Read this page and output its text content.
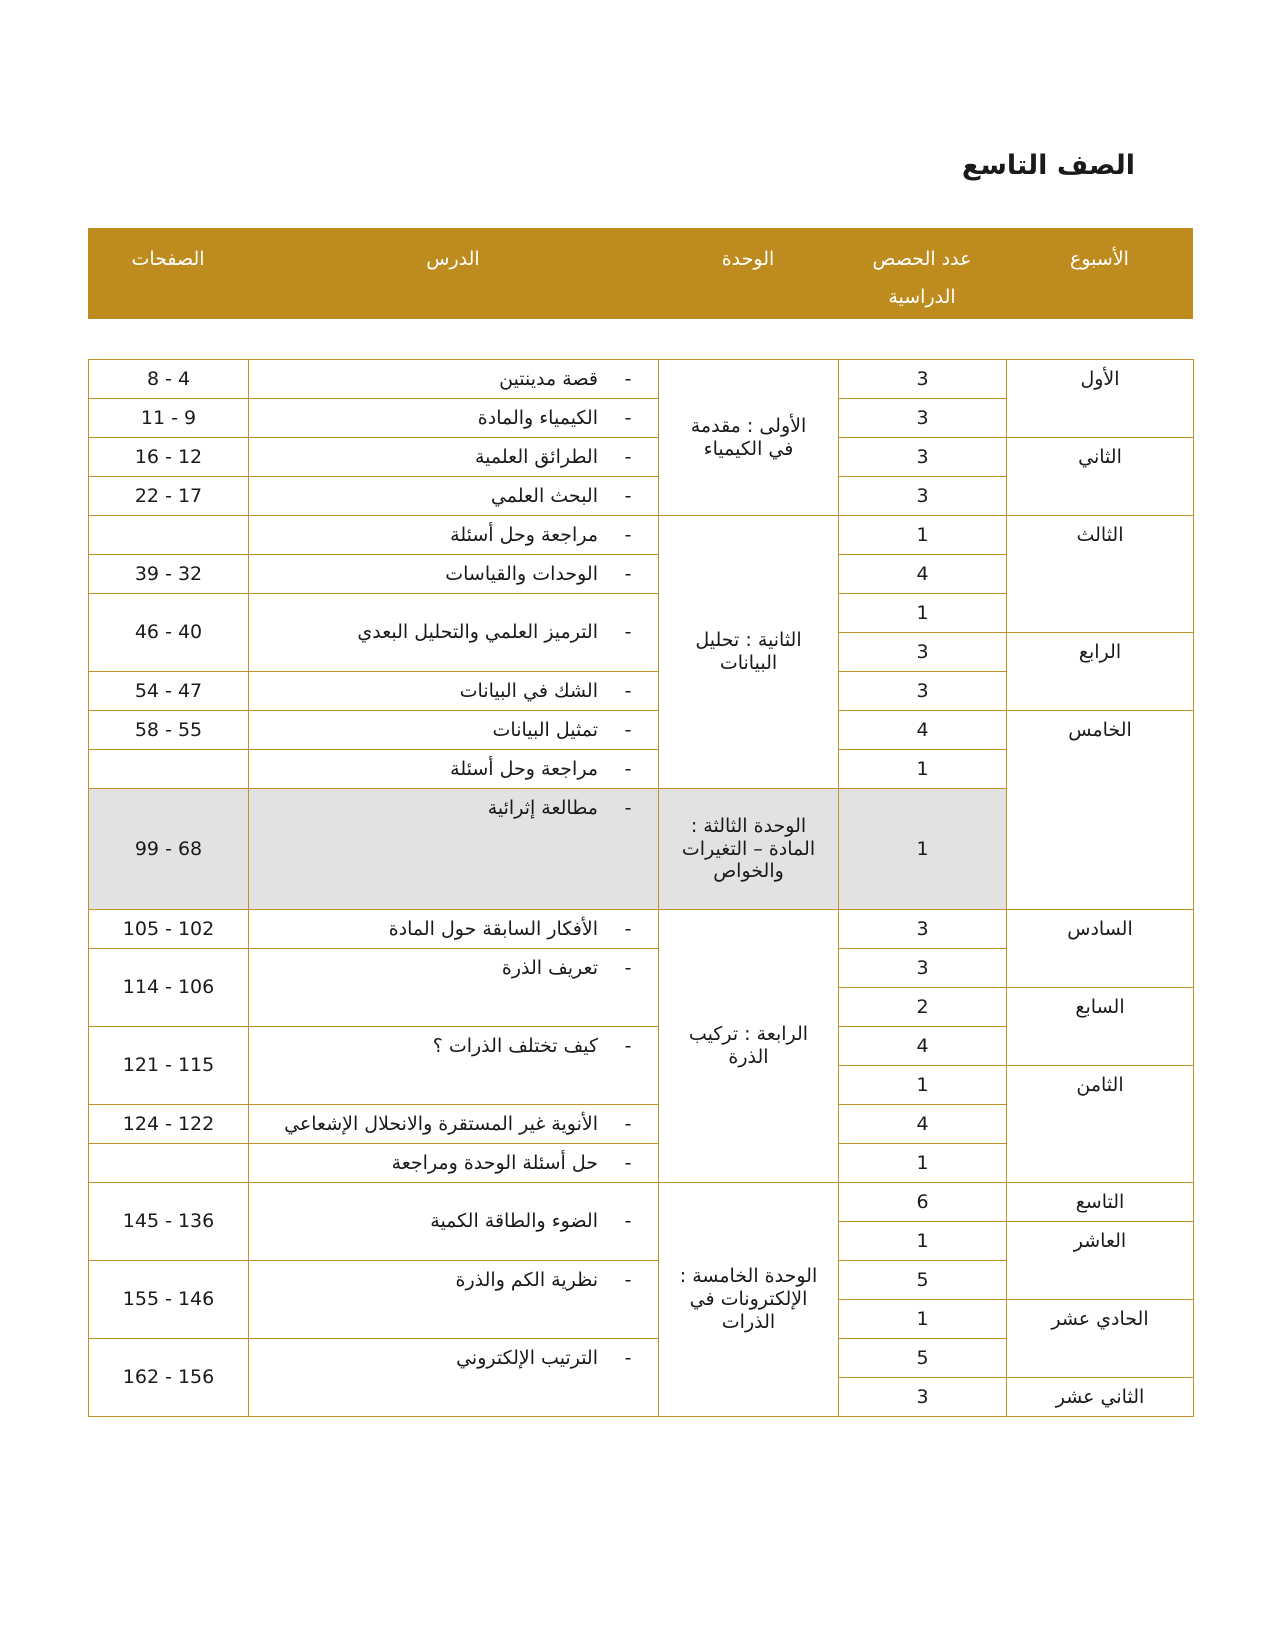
الصف التاسع
الصفحات	الدرس	الوحدة	عدد الحصص الدراسية	الأسبوع
4 - 8	-قصة مدينتين	الأولى : مقدمة في الكيمياء	3	الأول
9 - 11	-الكيمياء والمادة		3	
12 - 16	-الطرائق العلمية		3	الثاني
17 - 22	-البحث العلمي		3	
	-مراجعة وحل أسئلة	الثانية : تحليل البيانات	1	الثالث
32 - 39	-الوحدات والقياسات		4	
40 - 46	-الترميز العلمي والتحليل البعدي		1	
			3	الرابع
47 - 54	-الشك في البيانات		3	
55 - 58	-تمثيل البيانات		4	الخامس
	-مراجعة وحل أسئلة		1	
68 - 99	-مطالعة إثرائية	الوحدة الثالثة : المادة – التغيرات والخواص	1	
102 - 105	-الأفكار السابقة حول المادة	الرابعة : تركيب الذرة	3	السادس
106 - 114	-تعريف الذرة		3	
			2	السابع
115 - 121	-كيف تختلف الذرات ؟		4	
			1	الثامن
122 - 124	-الأنوية غير المستقرة والانحلال الإشعاعي		4	
	-حل أسئلة الوحدة ومراجعة		1	
136 - 145	-الضوء والطاقة الكمية	الوحدة الخامسة : الإلكترونات في الذرات	6	التاسع
			1	العاشر
146 - 155	-نظرية الكم والذرة		5	
			1	الحادي عشر
156 - 162	-الترتيب الإلكتروني		5	
			3	الثاني عشر
